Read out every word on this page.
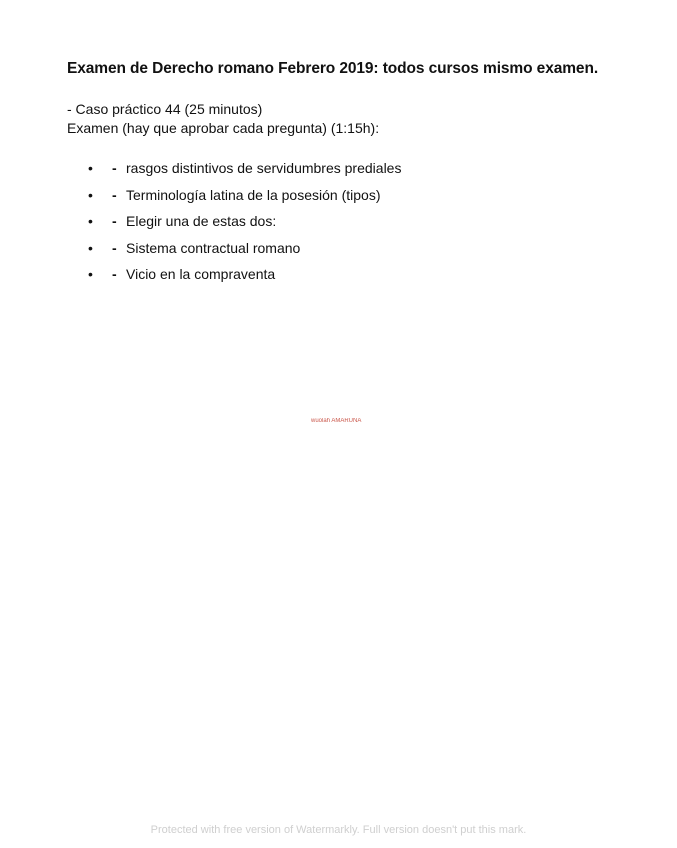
Examen de Derecho romano Febrero 2019: todos cursos mismo examen.
- Caso práctico 44 (25 minutos)
Examen (hay que aprobar cada pregunta) (1:15h):
• - rasgos distintivos de servidumbres prediales
• - Terminología latina de la posesión (tipos)
• - Elegir una de estas dos:
• - Sistema contractual romano
• - Vicio en la compraventa
wuolah AMARUNA
Protected with free version of Watermarkly. Full version doesn't put this mark.
